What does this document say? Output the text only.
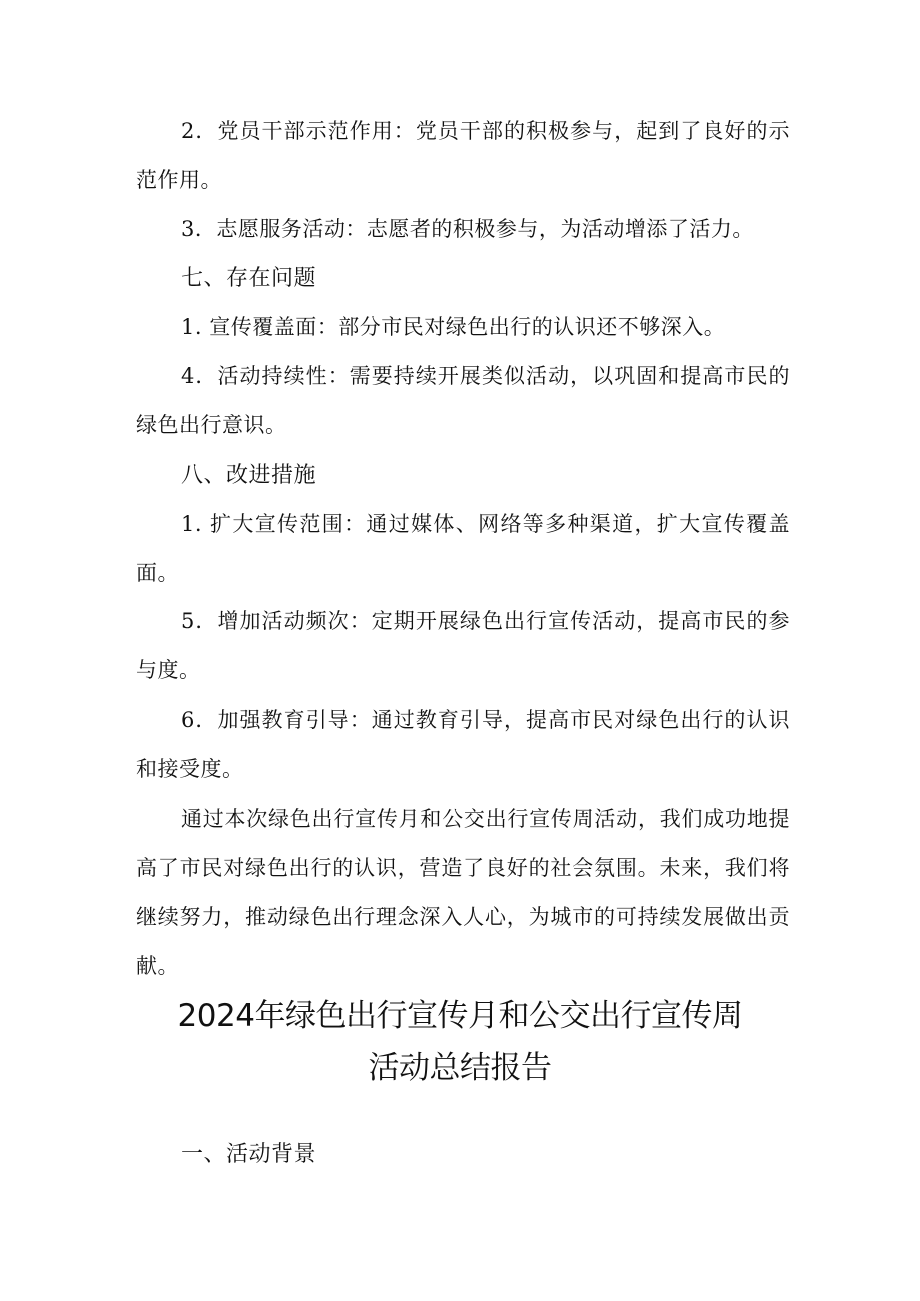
2．党员干部示范作用：党员干部的积极参与，起到了良好的示范作用。

3．志愿服务活动：志愿者的积极参与，为活动增添了活力。

七、存在问题

1. 宣传覆盖面：部分市民对绿色出行的认识还不够深入。

4．活动持续性：需要持续开展类似活动，以巩固和提高市民的绿色出行意识。

八、改进措施

1. 扩大宣传范围：通过媒体、网络等多种渠道，扩大宣传覆盖面。

5．增加活动频次：定期开展绿色出行宣传活动，提高市民的参与度。

6．加强教育引导：通过教育引导，提高市民对绿色出行的认识和接受度。

通过本次绿色出行宣传月和公交出行宣传周活动，我们成功地提高了市民对绿色出行的认识，营造了良好的社会氛围。未来，我们将继续努力，推动绿色出行理念深入人心，为城市的可持续发展做出贡献。

2024年绿色出行宣传月和公交出行宣传周
活动总结报告
一、活动背景
